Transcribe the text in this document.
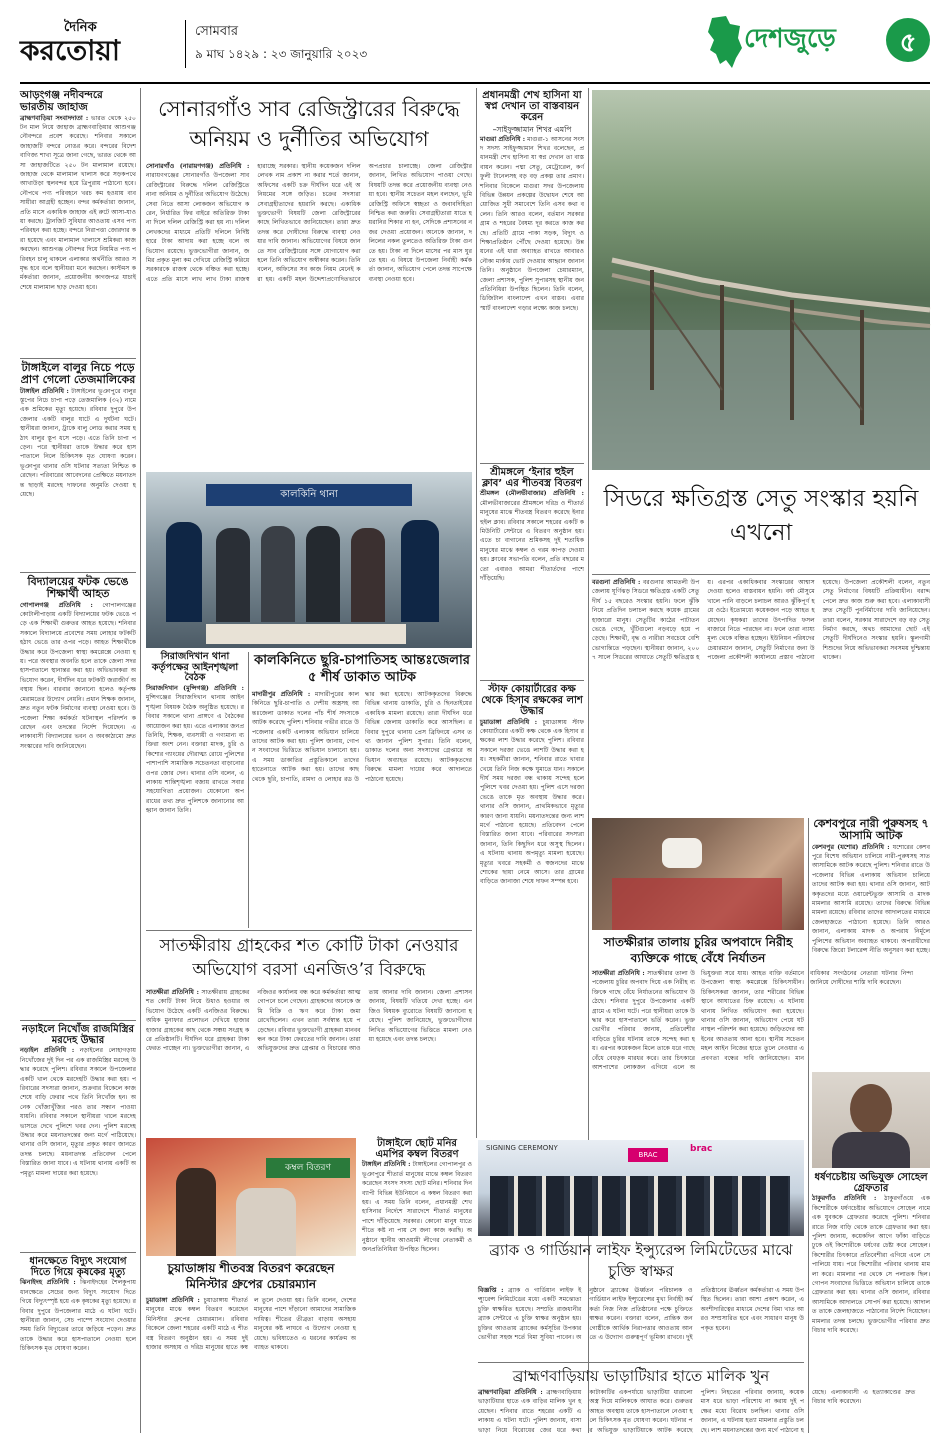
দৈনিক
করতোয়া
সোমবার
৯ মাঘ ১৪২৯ : ২৩ জানুয়ারি ২০২৩	দেশজুড়ে	৫
আড়ংগঞ্জ নদীবন্দরে ভারতীয় জাহাজ
ব্রাহ্মণবাড়িয়া সংবাদদাতা : ভারত থেকে ২৫০ টন মাল নিয়ে জাহাজ ব্রাহ্মণবাড়িয়ার আশুগঞ্জ নৌবন্দরে প্রবেশ করেছে। শনিবার সকালে জাহাজটি বন্দরে নোঙর করে। বন্দরের বিদেশ বাণিজ্য শাখা সূত্রে জানা গেছে, ভারত থেকে আসা জাহাজটিতে ২৫০ টন মালামাল রয়েছে। জাহাজ থেকে মালামাল খালাস করে সড়কপথে আখাউড়া স্থলবন্দর হয়ে ত্রিপুরায় পাঠানো হবে। নৌপথে পণ্য পরিবহনে খরচ কম হওয়ায় ব্যবসায়ীরা আগ্রহী হচ্ছেন। বন্দর কর্মকর্তারা জানান, প্রতি মাসে একাধিক জাহাজ এই রুটে আসা-যাওয়া করছে। ট্রানজিট সুবিধার আওতায় এসব পণ্য পরিবহন করা হচ্ছে। বন্দরে নিরাপত্তা জোরদার করা হয়েছে এবং মালামাল খালাসে শ্রমিকরা কাজ করছেন। আশুগঞ্জ নৌবন্দর দিয়ে নিয়মিত পণ্য পরিবহন চালু থাকলে এলাকার অর্থনীতি আরও সমৃদ্ধ হবে বলে স্থানীয়রা মনে করছেন। কাস্টমস কর্মকর্তারা জানান, প্রয়োজনীয় কাগজপত্র যাচাই শেষে মালামাল ছাড় দেওয়া হবে।
টাঙ্গাইলে বালুর নিচে পড়ে প্রাণ গেলো তেজমালিকের
টাঙ্গাইল প্রতিনিধি : টাঙ্গাইলের ভূঞাপুরে বালুর স্তূপের নিচে চাপা পড়ে তেজমালিক (৩২) নামে এক শ্রমিকের মৃত্যু হয়েছে। রবিবার দুপুরে উপজেলার একটি বালুর ঘাটে এ দুর্ঘটনা ঘটে। স্থানীয়রা জানান, ট্রাকে বালু লোড করার সময় হঠাৎ বালুর স্তূপ ধসে পড়ে। এতে তিনি চাপা পড়েন। পরে স্থানীয়রা তাকে উদ্ধার করে হাসপাতালে নিলে চিকিৎসক মৃত ঘোষণা করেন। ভূঞাপুর থানার ওসি ঘটনার সত্যতা নিশ্চিত করেছেন। পরিবারের আবেদনের প্রেক্ষিতে ময়নাতদন্ত ছাড়াই মরদেহ দাফনের অনুমতি দেওয়া হয়েছে।
বিদ্যালয়ের ফটক ভেঙে শিক্ষার্থী আহত
গোপালগঞ্জ প্রতিনিধি : গোপালগঞ্জের কোটালীপাড়ায় একটি বিদ্যালয়ের ফটক ভেঙে পড়ে এক শিক্ষার্থী গুরুতর আহত হয়েছে। শনিবার সকালে বিদ্যালয়ে প্রবেশের সময় লোহার ফটকটি হঠাৎ ভেঙে তার ওপর পড়ে। আহত শিক্ষার্থীকে উদ্ধার করে উপজেলা স্বাস্থ্য কমপ্লেক্সে নেওয়া হয়। পরে অবস্থার অবনতি হলে তাকে জেলা সদর হাসপাতালে স্থানান্তর করা হয়। অভিভাবকরা অভিযোগ করেন, দীর্ঘদিন ধরে ফটকটি জরাজীর্ণ অবস্থায় ছিল। বারবার জানানো হলেও কর্তৃপক্ষ মেরামতের উদ্যোগ নেয়নি। প্রধান শিক্ষক জানান, দ্রুত নতুন ফটক নির্মাণের ব্যবস্থা নেওয়া হবে। উপজেলা শিক্ষা কর্মকর্তা ঘটনাস্থল পরিদর্শন করেছেন এবং তদন্তের নির্দেশ দিয়েছেন। এলাকাবাসী বিদ্যালয়ের ভবন ও অবকাঠামো দ্রুত সংস্কারের দাবি জানিয়েছেন।
নড়াইলে নিখোঁজ রাজমিস্ত্রির মরদেহ উদ্ধার
নড়াইল প্রতিনিধি : নড়াইলের লোহাগড়ায় নিখোঁজের দুই দিন পর এক রাজমিস্ত্রির মরদেহ উদ্ধার করেছে পুলিশ। রবিবার সকালে উপজেলার একটি খাল থেকে মরদেহটি উদ্ধার করা হয়। পরিবারের সদস্যরা জানান, শুক্রবার বিকেলে কাজ শেষে বাড়ি ফেরার পথে তিনি নিখোঁজ হন। অনেক খোঁজাখুঁজির পরও তার সন্ধান পাওয়া যায়নি। রবিবার সকালে স্থানীয়রা খালে মরদেহ ভাসতে দেখে পুলিশে খবর দেন। পুলিশ মরদেহ উদ্ধার করে ময়নাতদন্তের জন্য মর্গে পাঠিয়েছে। থানার ওসি জানান, মৃত্যুর প্রকৃত কারণ জানতে তদন্ত চলছে। ময়নাতদন্ত প্রতিবেদন পেলে বিস্তারিত জানা যাবে। এ ঘটনায় থানায় একটি অপমৃত্যু মামলা দায়ের করা হয়েছে।
ধানক্ষেতে বিদ্যুৎ সংযোগ দিতে গিয়ে কৃষকের মৃত্যু
ঝিনাইদহ প্রতিনিধি : ঝিনাইদহের শৈলকুপায় ধানক্ষেতে সেচের জন্য বিদ্যুৎ সংযোগ দিতে গিয়ে বিদ্যুৎস্পৃষ্ট হয়ে এক কৃষকের মৃত্যু হয়েছে। রবিবার দুপুরে উপজেলার মাঠে এ ঘটনা ঘটে। স্থানীয়রা জানান, সেচ পাম্পে সংযোগ দেওয়ার সময় তিনি বিদ্যুতের তারে জড়িয়ে পড়েন। দ্রুত তাকে উদ্ধার করে হাসপাতালে নেওয়া হলে চিকিৎসক মৃত ঘোষণা করেন।
সোনারগাঁও সাব রেজিস্ট্রারের বিরুদ্ধে অনিয়ম ও দুর্নীতির অভিযোগ
সোনারগাঁও (নারায়ণগঞ্জ) প্রতিনিধি : নারায়ণগঞ্জের সোনারগাঁও উপজেলা সাব রেজিস্ট্রারের বিরুদ্ধে দলিল রেজিস্ট্রিতে নানা অনিয়ম ও দুর্নীতির অভিযোগ উঠেছে। সেবা নিতে আসা লোকজন অভিযোগ করেন, নির্ধারিত ফির বাইরে অতিরিক্ত টাকা না দিলে দলিল রেজিস্ট্রি করা হয় না। দলিল লেখকদের মাধ্যমে প্রতিটি দলিলে নির্দিষ্ট হারে টাকা আদায় করা হচ্ছে বলে অভিযোগ রয়েছে। ভুক্তভোগীরা জানান, জমির প্রকৃত মূল্য কম দেখিয়ে রেজিস্ট্রি করিয়ে সরকারকে রাজস্ব থেকে বঞ্চিত করা হচ্ছে। এতে প্রতি মাসে লাখ লাখ টাকা রাজস্ব হারাচ্ছে সরকার। স্থানীয় কয়েকজন দলিল লেখক নাম প্রকাশ না করার শর্তে জানান, অফিসের একটি চক্র দীর্ঘদিন ধরে এই অনিয়মের সঙ্গে জড়িত। চক্রের সদস্যরা সেবাগ্রহীতাদের হয়রানি করছে। একাধিক ভুক্তভোগী বিষয়টি জেলা রেজিস্ট্রারের কাছে লিখিতভাবে জানিয়েছেন। তারা দ্রুত তদন্ত করে দোষীদের বিরুদ্ধে ব্যবস্থা নেওয়ার দাবি জানান। অভিযোগের বিষয়ে জানতে সাব রেজিস্ট্রারের সঙ্গে যোগাযোগ করা হলে তিনি অভিযোগ অস্বীকার করেন। তিনি বলেন, অফিসের সব কাজ নিয়ম মেনেই করা হয়। একটি মহল উদ্দেশ্যপ্রণোদিতভাবে অপপ্রচার চালাচ্ছে। জেলা রেজিস্ট্রার জানান, লিখিত অভিযোগ পাওয়া গেছে। বিষয়টি তদন্ত করে প্রয়োজনীয় ব্যবস্থা নেওয়া হবে। স্থানীয় সচেতন মহল বলছেন, ভূমি রেজিস্ট্রি অফিসে স্বচ্ছতা ও জবাবদিহিতা নিশ্চিত করা জরুরি। সেবাগ্রহীতারা যাতে হয়রানির শিকার না হন, সেদিকে প্রশাসনের নজর দেওয়া প্রয়োজন। অনেকে জানান, দলিলের নকল তুলতেও অতিরিক্ত টাকা গুনতে হয়। টাকা না দিলে মাসের পর মাস ঘুরতে হয়। এ বিষয়ে উপজেলা নির্বাহী কর্মকর্তা জানান, অভিযোগ পেলে তদন্ত সাপেক্ষে ব্যবস্থা নেওয়া হবে।
কালকিনি থানা
সিরাজদিখান থানা কর্তৃপক্ষের আইনশৃঙ্খলা বৈঠক
সিরাজদিখান (মুন্সিগঞ্জ) প্রতিনিধি : মুন্সিগঞ্জের সিরাজদিখান থানায় আইনশৃঙ্খলা বিষয়ক বৈঠক অনুষ্ঠিত হয়েছে। রবিবার সকালে থানা প্রাঙ্গণে এ বৈঠকের আয়োজন করা হয়। এতে এলাকার জনপ্রতিনিধি, শিক্ষক, ব্যবসায়ী ও গণ্যমান্য ব্যক্তিরা অংশ নেন। বক্তারা মাদক, চুরি ও কিশোর গ্যাংয়ের দৌরাত্ম্য রোধে পুলিশের পাশাপাশি সামাজিক সচেতনতা বাড়ানোর ওপর জোর দেন। থানার ওসি বলেন, এলাকায় শান্তিশৃঙ্খলা বজায় রাখতে সবার সহযোগিতা প্রয়োজন। যেকোনো অপরাধের তথ্য দ্রুত পুলিশকে জানানোর আহ্বান জানান তিনি।
কালকিনিতে ছুরি-চাপাতিসহ আন্তঃজেলার ৫ শীর্ষ ডাকাত আটক
মাদারীপুর প্রতিনিধি : মাদারীপুরের কালকিনিতে ছুরি-চাপাতি ও দেশীয় অস্ত্রসহ আন্তঃজেলা ডাকাত দলের পাঁচ শীর্ষ সদস্যকে আটক করেছে পুলিশ। শনিবার গভীর রাতে উপজেলার একটি এলাকায় অভিযান চালিয়ে তাদের আটক করা হয়। পুলিশ জানায়, গোপন সংবাদের ভিত্তিতে অভিযান চালানো হয়। এ সময় ডাকাতির প্রস্তুতিকালে তাদের হাতেনাতে আটক করা হয়। তাদের কাছ থেকে ছুরি, চাপাতি, রামদা ও লোহার রড উদ্ধার করা হয়েছে। আটককৃতদের বিরুদ্ধে বিভিন্ন থানায় ডাকাতি, চুরি ও ছিনতাইয়ের একাধিক মামলা রয়েছে। তারা দীর্ঘদিন ধরে বিভিন্ন জেলায় ডাকাতি করে আসছিল। রবিবার দুপুরে থানায় প্রেস ব্রিফিংয়ে এসব তথ্য জানান পুলিশ সুপার। তিনি বলেন, ডাকাত দলের অন্য সদস্যদের গ্রেপ্তারে অভিযান অব্যাহত রয়েছে। আটককৃতদের বিরুদ্ধে মামলা দায়ের করে আদালতে পাঠানো হয়েছে।
সাতক্ষীরায় গ্রাহকের শত কোটি টাকা নেওয়ার অভিযোগ বরসা এনজিও’র বিরুদ্ধে
সাতক্ষীরা প্রতিনিধি : সাতক্ষীরায় গ্রাহকের শত কোটি টাকা নিয়ে উধাও হওয়ার অভিযোগ উঠেছে একটি এনজিওর বিরুদ্ধে। অধিক মুনাফার প্রলোভন দেখিয়ে হাজার হাজার গ্রাহকের কাছ থেকে সঞ্চয় সংগ্রহ করে প্রতিষ্ঠানটি। দীর্ঘদিন ধরে গ্রাহকরা টাকা ফেরত পাচ্ছেন না। ভুক্তভোগীরা জানান, এনজিওর কার্যালয় বন্ধ করে কর্মকর্তারা আত্মগোপনে চলে গেছেন। গ্রাহকদের অনেকে জমি বিক্রি ও ঋণ করে টাকা জমা রেখেছিলেন। এখন তারা সর্বস্বান্ত হয়ে পড়েছেন। রবিবার ভুক্তভোগী গ্রাহকরা মানববন্ধন করে টাকা ফেরতের দাবি জানান। তারা অভিযুক্তদের দ্রুত গ্রেপ্তার ও বিচারের আওতায় আনার দাবি জানান। জেলা প্রশাসন জানায়, বিষয়টি খতিয়ে দেখা হচ্ছে। এনজিও বিষয়ক ব্যুরোতে বিষয়টি জানানো হয়েছে। পুলিশ জানিয়েছে, ভুক্তভোগীদের লিখিত অভিযোগের ভিত্তিতে মামলা নেওয়া হয়েছে এবং তদন্ত চলছে।
কম্বল বিতরণ
টাঙ্গাইলে ছোট মনির এমপির কম্বল বিতরণ
টাঙ্গাইল প্রতিনিধি : টাঙ্গাইলের গোপালপুর ও ভূঞাপুরে শীতার্ত মানুষের মাঝে কম্বল বিতরণ করেছেন সংসদ সদস্য ছোট মনির। শনিবার দিনব্যাপী বিভিন্ন ইউনিয়নে এ কম্বল বিতরণ করা হয়। এ সময় তিনি বলেন, প্রধানমন্ত্রী শেখ হাসিনার নির্দেশে সারাদেশে শীতার্ত মানুষের পাশে দাঁড়িয়েছে সরকার। কোনো মানুষ যাতে শীতে কষ্ট না পায় সে জন্য কাজ করছি। অনুষ্ঠানে স্থানীয় আওয়ামী লীগের নেতাকর্মী ও জনপ্রতিনিধিরা উপস্থিত ছিলেন।
চুয়াডাঙ্গায় শীতবস্ত্র বিতরণ করেছেন মিনিস্টার গ্রুপের চেয়ারম্যান
চুয়াডাঙ্গা প্রতিনিধি : চুয়াডাঙ্গায় শীতার্ত মানুষের মাঝে কম্বল বিতরণ করেছেন মিনিস্টার গ্রুপের চেয়ারম্যান। রবিবার বিকেলে জেলা শহরের একটি মাঠে এ শীতবস্ত্র বিতরণ অনুষ্ঠান হয়। এ সময় দুই হাজার অসহায় ও দরিদ্র মানুষের হাতে কম্বল তুলে দেওয়া হয়। তিনি বলেন, দেশের মানুষের পাশে দাঁড়ানো আমাদের সামাজিক দায়িত্ব। শীতের তীব্রতা বাড়ায় অসহায় মানুষের কষ্ট লাঘবে এ উদ্যোগ নেওয়া হয়েছে। ভবিষ্যতেও এ ধরনের কার্যক্রম অব্যাহত থাকবে।
প্রধানমন্ত্রী শেখ হাসিনা যা স্বপ্ন দেখান তা বাস্তবায়ন করেন
–সাইফুজ্জামান শিখর এমপি
মাগুরা প্রতিনিধি : মাগুরা-১ আসনের সংসদ সদস্য সাইফুজ্জামান শিখর বলেছেন, প্রধানমন্ত্রী শেখ হাসিনা যা স্বপ্ন দেখান তা বাস্তবায়ন করেন। পদ্মা সেতু, মেট্রোরেল, কর্ণফুলী টানেলসহ বড় বড় প্রকল্প তার প্রমাণ। শনিবার বিকেলে মাগুরা সদর উপজেলায় বিভিন্ন উন্নয়ন প্রকল্পের উদ্বোধন শেষে আয়োজিত সুধী সমাবেশে তিনি এসব কথা বলেন। তিনি আরও বলেন, বর্তমান সরকার গ্রাম ও শহরের বৈষম্য দূর করতে কাজ করছে। প্রতিটি গ্রামে পাকা সড়ক, বিদ্যুৎ ও শিক্ষাপ্রতিষ্ঠান পৌঁছে দেওয়া হয়েছে। উন্নয়নের এই ধারা অব্যাহত রাখতে আবারও নৌকা মার্কায় ভোট দেওয়ার আহ্বান জানান তিনি। অনুষ্ঠানে উপজেলা চেয়ারম্যান, জেলা প্রশাসক, পুলিশ সুপারসহ স্থানীয় জনপ্রতিনিধিরা উপস্থিত ছিলেন। তিনি বলেন, ডিজিটাল বাংলাদেশ এখন বাস্তব। এবার স্মার্ট বাংলাদেশ গড়ার লক্ষ্যে কাজ চলছে।
শ্রীমঙ্গলে ‘ইনার হুইল ক্লাব’ এর শীতবস্ত্র বিতরণ
শ্রীমঙ্গল (মৌলভীবাজার) প্রতিনিধি : মৌলভীবাজারের শ্রীমঙ্গলে দরিদ্র ও শীতার্ত মানুষের মাঝে শীতবস্ত্র বিতরণ করেছে ইনার হুইল ক্লাব। রবিবার সকালে শহরের একটি কমিউনিটি সেন্টারে এ বিতরণ অনুষ্ঠান হয়। এতে চা বাগানের শ্রমিকসহ দুই শতাধিক মানুষের মাঝে কম্বল ও গরম কাপড় দেওয়া হয়। ক্লাবের সভাপতি বলেন, প্রতি বছরের মতো এবারও আমরা শীতার্তদের পাশে দাঁড়িয়েছি।
স্টাফ কোয়ার্টারের কক্ষ থেকে হিসাব রক্ষকের লাশ উদ্ধার
চুয়াডাঙ্গা প্রতিনিধি : চুয়াডাঙ্গায় স্টাফ কোয়ার্টারের একটি কক্ষ থেকে এক হিসাব রক্ষকের লাশ উদ্ধার করেছে পুলিশ। রবিবার সকালে দরজা ভেঙে লাশটি উদ্ধার করা হয়। সহকর্মীরা জানান, শনিবার রাতে খাবার খেয়ে তিনি নিজ কক্ষে ঘুমাতে যান। সকালে দীর্ঘ সময় দরজা বন্ধ থাকায় সন্দেহ হলে পুলিশে খবর দেওয়া হয়। পুলিশ এসে দরজা ভেঙে তাকে মৃত অবস্থায় উদ্ধার করে। থানার ওসি জানান, প্রাথমিকভাবে মৃত্যুর কারণ জানা যায়নি। ময়নাতদন্তের জন্য লাশ মর্গে পাঠানো হয়েছে। প্রতিবেদন পেলে বিস্তারিত জানা যাবে। পরিবারের সদস্যরা জানান, তিনি কিছুদিন ধরে অসুস্থ ছিলেন। এ ঘটনায় থানায় অপমৃত্যু মামলা হয়েছে। মৃত্যুর খবরে সহকর্মী ও স্বজনদের মাঝে শোকের ছায়া নেমে আসে। তার গ্রামের বাড়িতে জানাজা শেষে দাফন সম্পন্ন হবে।
সিডরে ক্ষতিগ্রস্ত সেতু সংস্কার হয়নি এখনো
বরগুনা প্রতিনিধি : বরগুনার আমতলী উপজেলায় ঘূর্ণিঝড় সিডরে ক্ষতিগ্রস্ত একটি সেতু দীর্ঘ ১৫ বছরেও সংস্কার হয়নি। ফলে ঝুঁকি নিয়ে প্রতিদিন চলাচল করছে কয়েক গ্রামের হাজারো মানুষ। সেতুটির কাঠের পাটাতন ভেঙে গেছে, খুঁটিগুলো নড়বড়ে হয়ে পড়েছে। শিক্ষার্থী, বৃদ্ধ ও নারীরা সবচেয়ে বেশি ভোগান্তিতে পড়ছেন। স্থানীয়রা জানান, ২০০৭ সালে সিডরের আঘাতে সেতুটি ক্ষতিগ্রস্ত হয়। এরপর একাধিকবার সংস্কারের আশ্বাস দেওয়া হলেও বাস্তবায়ন হয়নি। বর্ষা মৌসুমে খালে পানি বাড়লে চলাচল আরও ঝুঁকিপূর্ণ হয়ে ওঠে। ইতোমধ্যে কয়েকজন পড়ে আহত হয়েছেন। কৃষকরা তাদের উৎপাদিত ফসল বাজারে নিতে পারছেন না। ফলে তারা ন্যায্য মূল্য থেকে বঞ্চিত হচ্ছেন। ইউনিয়ন পরিষদের চেয়ারম্যান জানান, সেতুটি নির্মাণের জন্য উপজেলা প্রকৌশলী কার্যালয়ে প্রস্তাব পাঠানো হয়েছে। উপজেলা প্রকৌশলী বলেন, নতুন সেতু নির্মাণের বিষয়টি প্রক্রিয়াধীন। বরাদ্দ পেলে দ্রুত কাজ শুরু করা হবে। এলাকাবাসী দ্রুত সেতুটি পুনর্নির্মাণের দাবি জানিয়েছেন। তারা বলেন, সরকার সারাদেশে বড় বড় সেতু নির্মাণ করছে, অথচ আমাদের ছোট এই সেতুটি দীর্ঘদিনেও সংস্কার হয়নি। স্কুলগামী শিশুদের নিয়ে অভিভাবকরা সবসময় দুশ্চিন্তায় থাকেন।
সাতক্ষীরার তালায় চুরির অপবাদে নিরীহ ব্যক্তিকে গাছে বেঁধে নির্যাতন
সাতক্ষীরা প্রতিনিধি : সাতক্ষীরার তালা উপজেলায় চুরির অপবাদ দিয়ে এক নিরীহ ব্যক্তিকে গাছে বেঁধে নির্যাতনের অভিযোগ উঠেছে। শনিবার দুপুরে উপজেলার একটি গ্রামে এ ঘটনা ঘটে। পরে স্থানীয়রা তাকে উদ্ধার করে হাসপাতালে ভর্তি করেন। ভুক্তভোগীর পরিবার জানায়, প্রতিবেশীর বাড়িতে চুরির ঘটনায় তাকে সন্দেহ করা হয়। এরপর কয়েকজন মিলে তাকে ধরে গাছে বেঁধে বেধড়ক মারধর করে। তার চিৎকারে আশপাশের লোকজন এগিয়ে এলে অভিযুক্তরা সরে যায়। আহত ব্যক্তি বর্তমানে উপজেলা স্বাস্থ্য কমপ্লেক্সে চিকিৎসাধীন। চিকিৎসকরা জানান, তার শরীরের বিভিন্ন স্থানে আঘাতের চিহ্ন রয়েছে। এ ঘটনায় থানায় লিখিত অভিযোগ করা হয়েছে। থানার ওসি জানান, অভিযোগ পেয়ে ঘটনাস্থল পরিদর্শন করা হয়েছে। জড়িতদের আইনের আওতায় আনা হবে। স্থানীয় সচেতন মহল আইন নিজের হাতে তুলে নেওয়ার এ প্রবণতা বন্ধের দাবি জানিয়েছেন। মানবাধিকার সংগঠনের নেতারা ঘটনার নিন্দা জানিয়ে দোষীদের শাস্তি দাবি করেছেন।
কেশবপুরে নারী পুরুষসহ ৭ আসামি আটক
কেশবপুর (যশোর) প্রতিনিধি : যশোরের কেশবপুরে বিশেষ অভিযান চালিয়ে নারী-পুরুষসহ সাত আসামিকে আটক করেছে পুলিশ। শনিবার রাতে উপজেলার বিভিন্ন এলাকায় অভিযান চালিয়ে তাদের আটক করা হয়। থানার ওসি জানান, আটককৃতদের মধ্যে ওয়ারেন্টভুক্ত আসামি ও মাদক মামলার আসামি রয়েছে। তাদের বিরুদ্ধে বিভিন্ন মামলা রয়েছে। রবিবার তাদের আদালতের মাধ্যমে জেলহাজতে পাঠানো হয়েছে। তিনি আরও জানান, এলাকায় মাদক ও অপরাধ নির্মূলে পুলিশের অভিযান অব্যাহত থাকবে। অপরাধীদের বিরুদ্ধে জিরো টলারেন্স নীতি অনুসরণ করা হচ্ছে।
ধর্ষণচেষ্টায় অভিযুক্ত সোহেল গ্রেফতার
ঠাকুরগাঁও প্রতিনিধি : ঠাকুরগাঁওয়ে এক কিশোরীকে ধর্ষণচেষ্টার অভিযোগে সোহেল নামে এক যুবককে গ্রেফতার করেছে পুলিশ। শনিবার রাতে নিজ বাড়ি থেকে তাকে গ্রেফতার করা হয়। পুলিশ জানায়, কয়েকদিন আগে ফাঁকা বাড়িতে ঢুকে ওই কিশোরীকে ধর্ষণের চেষ্টা করে সোহেল। কিশোরীর চিৎকারে প্রতিবেশীরা এগিয়ে এলে সে পালিয়ে যায়। পরে কিশোরীর পরিবার থানায় মামলা করে। মামলার পর থেকে সে পলাতক ছিল। গোপন সংবাদের ভিত্তিতে অভিযান চালিয়ে তাকে গ্রেফতার করা হয়। থানার ওসি জানান, রবিবার আসামিকে আদালতে সোপর্দ করা হয়েছে। আদালত তাকে জেলহাজতে পাঠানোর নির্দেশ দিয়েছেন। মামলার তদন্ত চলছে। ভুক্তভোগীর পরিবার দ্রুত বিচার দাবি করেছে।
SIGNING CEREMONY
BRAC
brac
ব্র্যাক ও গার্ডিয়ান লাইফ ইন্স্যুরেন্স লিমিটেডের মাঝে চুক্তি স্বাক্ষর
বিজ্ঞপ্তি : ব্র্যাক ও গার্ডিয়ান লাইফ ইন্স্যুরেন্স লিমিটেডের মধ্যে একটি সমঝোতা চুক্তি স্বাক্ষরিত হয়েছে। সম্প্রতি রাজধানীর ব্র্যাক সেন্টারে এ চুক্তি স্বাক্ষর অনুষ্ঠান হয়। চুক্তির আওতায় ব্র্যাকের কর্মসূচির উপকারভোগীরা সহজ শর্তে বিমা সুবিধা পাবেন। অনুষ্ঠানে ব্র্যাকের ঊর্ধ্বতন পরিচালক ও গার্ডিয়ান লাইফ ইন্স্যুরেন্সের মুখ্য নির্বাহী কর্মকর্তা নিজ নিজ প্রতিষ্ঠানের পক্ষে চুক্তিতে স্বাক্ষর করেন। বক্তারা বলেন, প্রান্তিক জনগোষ্ঠীকে আর্থিক নিরাপত্তার আওতায় আনতে এ উদ্যোগ গুরুত্বপূর্ণ ভূমিকা রাখবে। দুই প্রতিষ্ঠানের ঊর্ধ্বতন কর্মকর্তারা এ সময় উপস্থিত ছিলেন। তারা আশা প্রকাশ করেন, এ অংশীদারিত্বের মাধ্যমে দেশের বিমা খাত আরও সম্প্রসারিত হবে এবং সাধারণ মানুষ উপকৃত হবেন।
ব্রাহ্মণবাড়িয়ায় ভাড়াটিয়ার হাতে মালিক খুন
ব্রাহ্মণবাড়িয়া প্রতিনিধি : ব্রাহ্মণবাড়িয়ায় ভাড়াটিয়ার হাতে এক বাড়ির মালিক খুন হয়েছেন। শনিবার রাতে শহরের একটি এলাকায় এ ঘটনা ঘটে। পুলিশ জানায়, বাসা ভাড়া নিয়ে বিরোধের জের ধরে কথা কাটাকাটির একপর্যায়ে ভাড়াটিয়া ধারালো অস্ত্র দিয়ে মালিককে আঘাত করে। গুরুতর আহত অবস্থায় তাকে হাসপাতালে নেওয়া হলে চিকিৎসক মৃত ঘোষণা করেন। ঘটনার পর অভিযুক্ত ভাড়াটিয়াকে আটক করেছে পুলিশ। নিহতের পরিবার জানায়, কয়েক মাস ধরে ভাড়া পরিশোধ না করায় দুই পক্ষের মধ্যে বিরোধ চলছিল। থানার ওসি জানান, এ ঘটনায় হত্যা মামলার প্রস্তুতি চলছে। লাশ ময়নাতদন্তের জন্য মর্গে পাঠানো হয়েছে। এলাকাবাসী এ হত্যাকাণ্ডের দ্রুত বিচার দাবি করেছেন।
